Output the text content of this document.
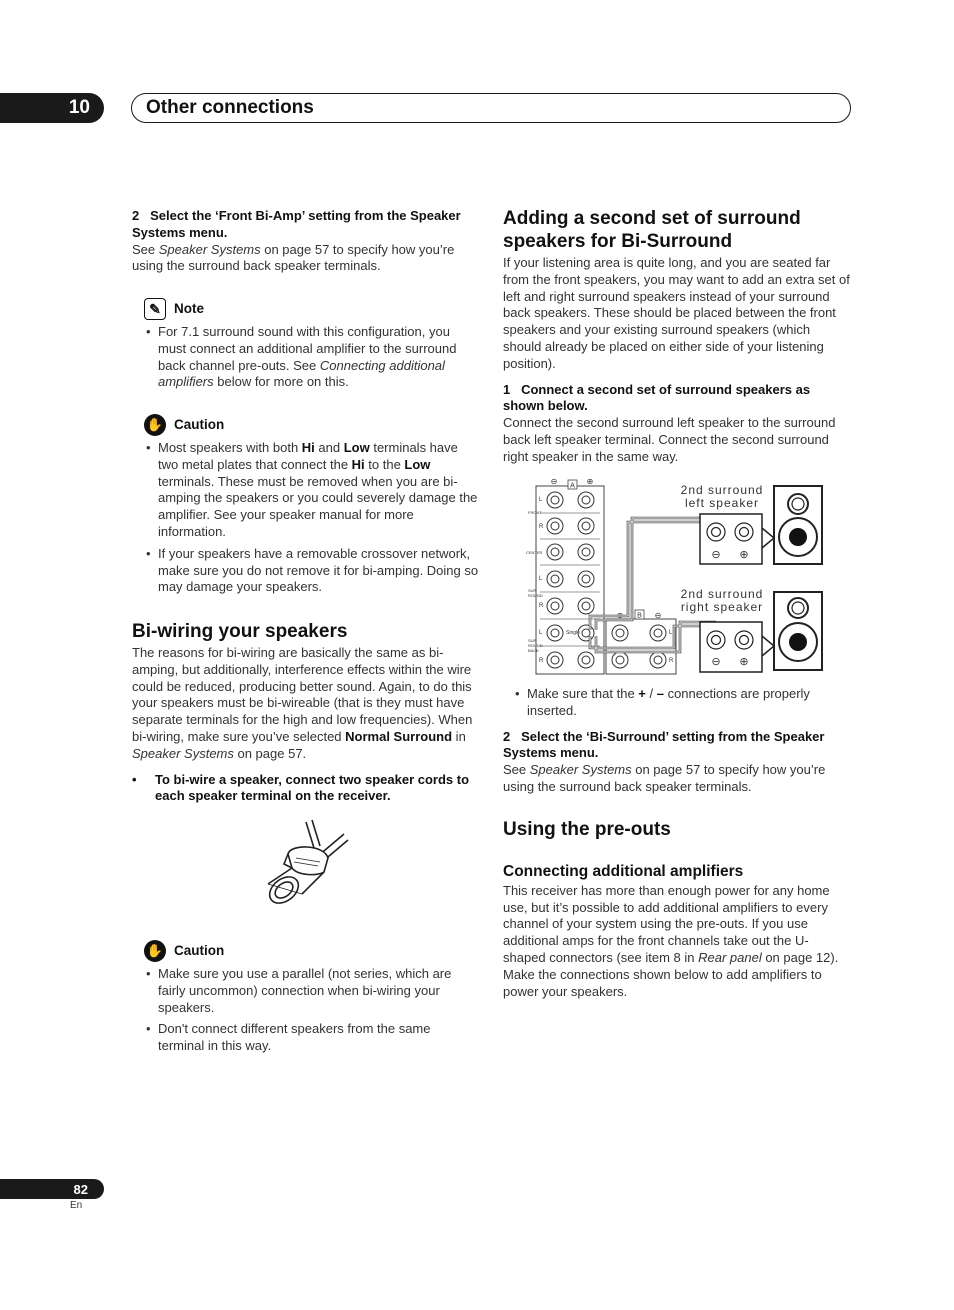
10	Other connections

2 Select the ‘Front Bi-Amp’ setting from the Speaker Systems menu.

See Speaker Systems on page 57 to specify how you’re using the surround back speaker terminals.

✎ Note
• For 7.1 surround sound with this configuration, you must connect an additional amplifier to the surround back channel pre-outs. See Connecting additional amplifiers below for more on this.
✋ Caution
• Most speakers with both Hi and Low terminals have two metal plates that connect the Hi to the Low terminals. These must be removed when you are bi-amping the speakers or you could severely damage the amplifier. See your speaker manual for more information.
• If your speakers have a removable crossover network, make sure you do not remove it for bi-amping. Doing so may damage your speakers.
Bi-wiring your speakers

The reasons for bi-wiring are basically the same as bi-amping, but additionally, interference effects within the wire could be reduced, producing better sound. Again, to do this your speakers must be bi-wireable (that is they must have separate terminals for the high and low frequencies). When bi-wiring, make sure you’ve selected Normal Surround in Speaker Systems on page 57.

•	To bi-wire a speaker, connect two speaker cords to each speaker terminal on the receiver.

✋ Caution
• Make sure you use a parallel (not series, which are fairly uncommon) connection when bi-wiring your speakers.
• Don't connect different speakers from the same terminal in this way.
Adding a second set of surround speakers for Bi-Surround

If your listening area is quite long, and you are seated far from the front speakers, you may want to add an extra set of left and right surround speakers instead of your surround back speakers. These should be placed between the front speakers and your existing surround speakers (which should already be placed on either side of your listening position).

1 Connect a second set of surround speakers as shown below.

Connect the second surround left speaker to the surround back left speaker terminal. Connect the second surround right speaker in the same way.

A
⊖	⊕
L
FRONT
R
CENTER
L
SUR
ROUND
R
L
SUR
ROUND
BACK
R
Single
B
⊕	⊖
L
R
2nd surround
left speaker
⊖ ⊕
2nd surround
right speaker
⊖ ⊕
• Make sure that the + / – connections are properly inserted.

2 Select the ‘Bi-Surround’ setting from the Speaker Systems menu.

See Speaker Systems on page 57 to specify how you’re using the surround back speaker terminals.

Using the pre-outs
Connecting additional amplifiers

This receiver has more than enough power for any home use, but it’s possible to add additional amplifiers to every channel of your system using the pre-outs. If you use additional amps for the front channels take out the U-shaped connectors (see item 8 in Rear panel on page 12). Make the connections shown below to add amplifiers to power your speakers.

82
En
